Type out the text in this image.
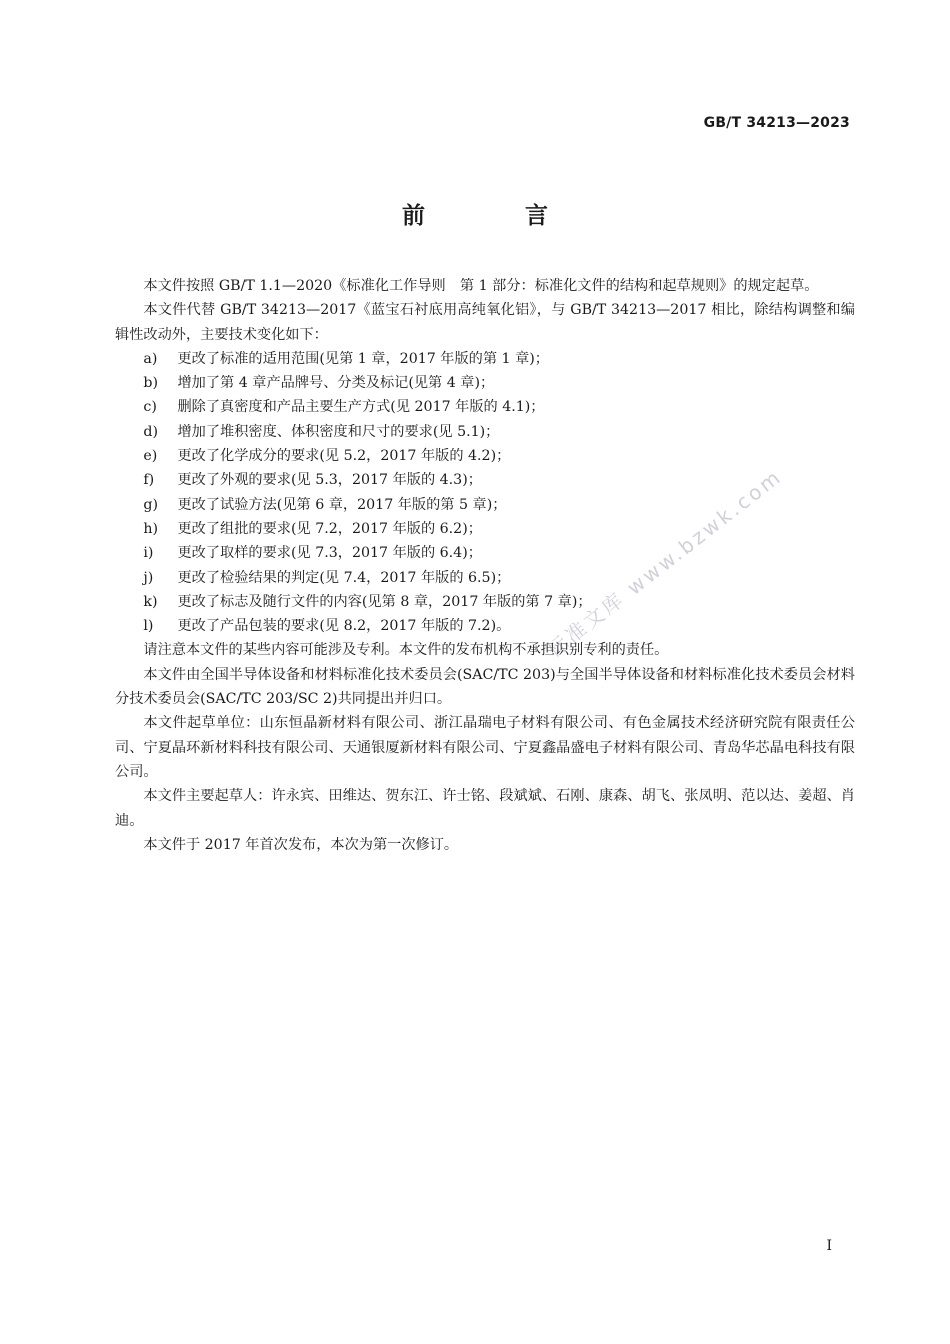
GB/T 34213—2023
前 言

本文件按照 GB/T 1.1—2020《标准化工作导则　第 1 部分：标准化文件的结构和起草规则》的规定起草。

本文件代替 GB/T 34213—2017《蓝宝石衬底用高纯氧化铝》，与 GB/T 34213—2017 相比，除结构调整和编辑性改动外，主要技术变化如下：

a) 更改了标准的适用范围(见第 1 章，2017 年版的第 1 章)；

b) 增加了第 4 章产品牌号、分类及标记(见第 4 章)；

c) 删除了真密度和产品主要生产方式(见 2017 年版的 4.1)；

d) 增加了堆积密度、体积密度和尺寸的要求(见 5.1)；

e) 更改了化学成分的要求(见 5.2，2017 年版的 4.2)；

f) 更改了外观的要求(见 5.3，2017 年版的 4.3)；

g) 更改了试验方法(见第 6 章，2017 年版的第 5 章)；

h) 更改了组批的要求(见 7.2，2017 年版的 6.2)；

i) 更改了取样的要求(见 7.3，2017 年版的 6.4)；

j) 更改了检验结果的判定(见 7.4，2017 年版的 6.5)；

k) 更改了标志及随行文件的内容(见第 8 章，2017 年版的第 7 章)；

l) 更改了产品包装的要求(见 8.2，2017 年版的 7.2)。

请注意本文件的某些内容可能涉及专利。本文件的发布机构不承担识别专利的责任。

本文件由全国半导体设备和材料标准化技术委员会(SAC/TC 203)与全国半导体设备和材料标准化技术委员会材料分技术委员会(SAC/TC 203/SC 2)共同提出并归口。

本文件起草单位：山东恒晶新材料有限公司、浙江晶瑞电子材料有限公司、有色金属技术经济研究院有限责任公司、宁夏晶环新材料科技有限公司、天通银厦新材料有限公司、宁夏鑫晶盛电子材料有限公司、青岛华芯晶电科技有限公司。

本文件主要起草人：许永宾、田维达、贺东江、许士铭、段斌斌、石刚、康森、胡飞、张凤明、范以达、姜超、肖迪。

本文件于 2017 年首次发布，本次为第一次修订。

标准文库 www.bzwk.com
I
